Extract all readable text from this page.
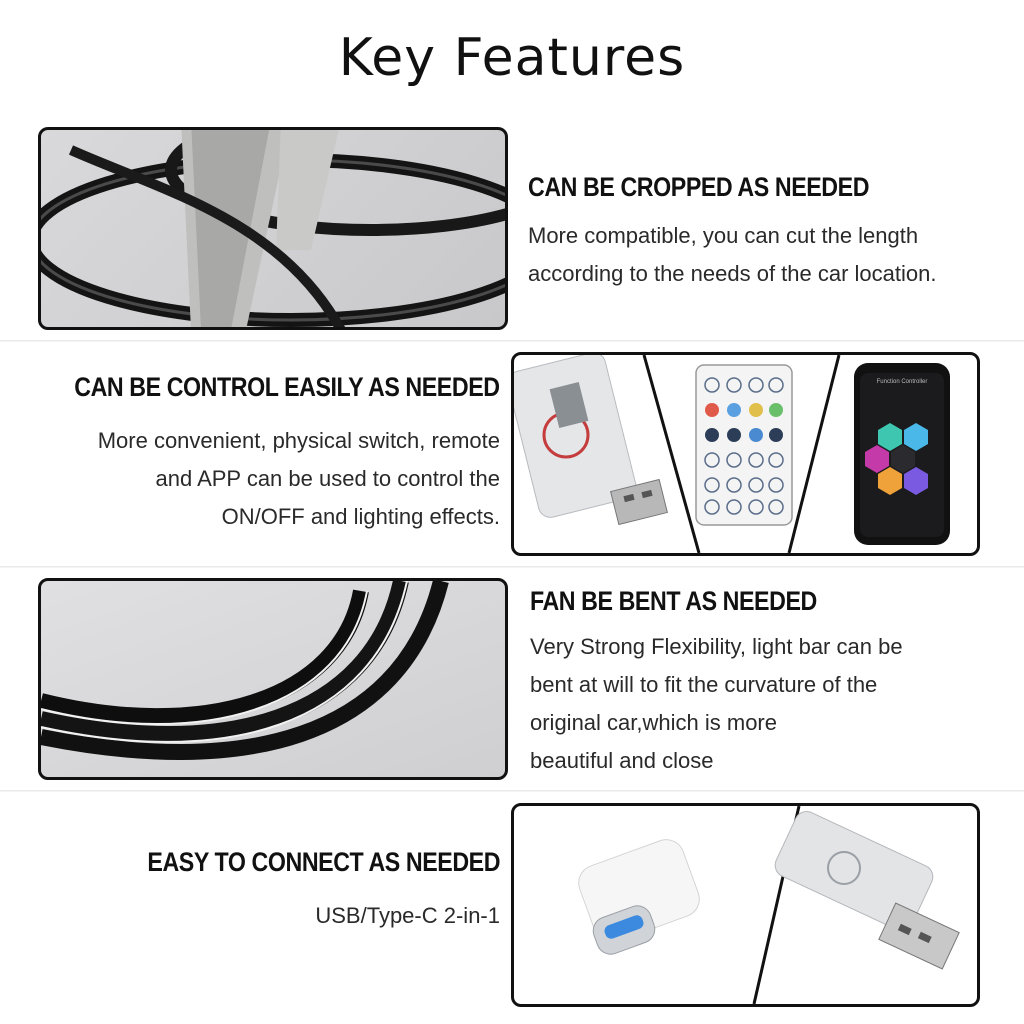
Key Features
CAN BE CROPPED AS NEEDED
More compatible, you can cut the length
according to the needs of the car location.
CAN BE CONTROL EASILY AS NEEDED
More convenient, physical switch, remote
and APP can be used to control the
ON/OFF and lighting effects.
Function Controller
FAN BE BENT AS NEEDED
Very Strong Flexibility, light bar can be
bent at will to fit the curvature of the
original car,which is more
beautiful and close
EASY TO CONNECT AS NEEDED
USB/Type-C 2-in-1
